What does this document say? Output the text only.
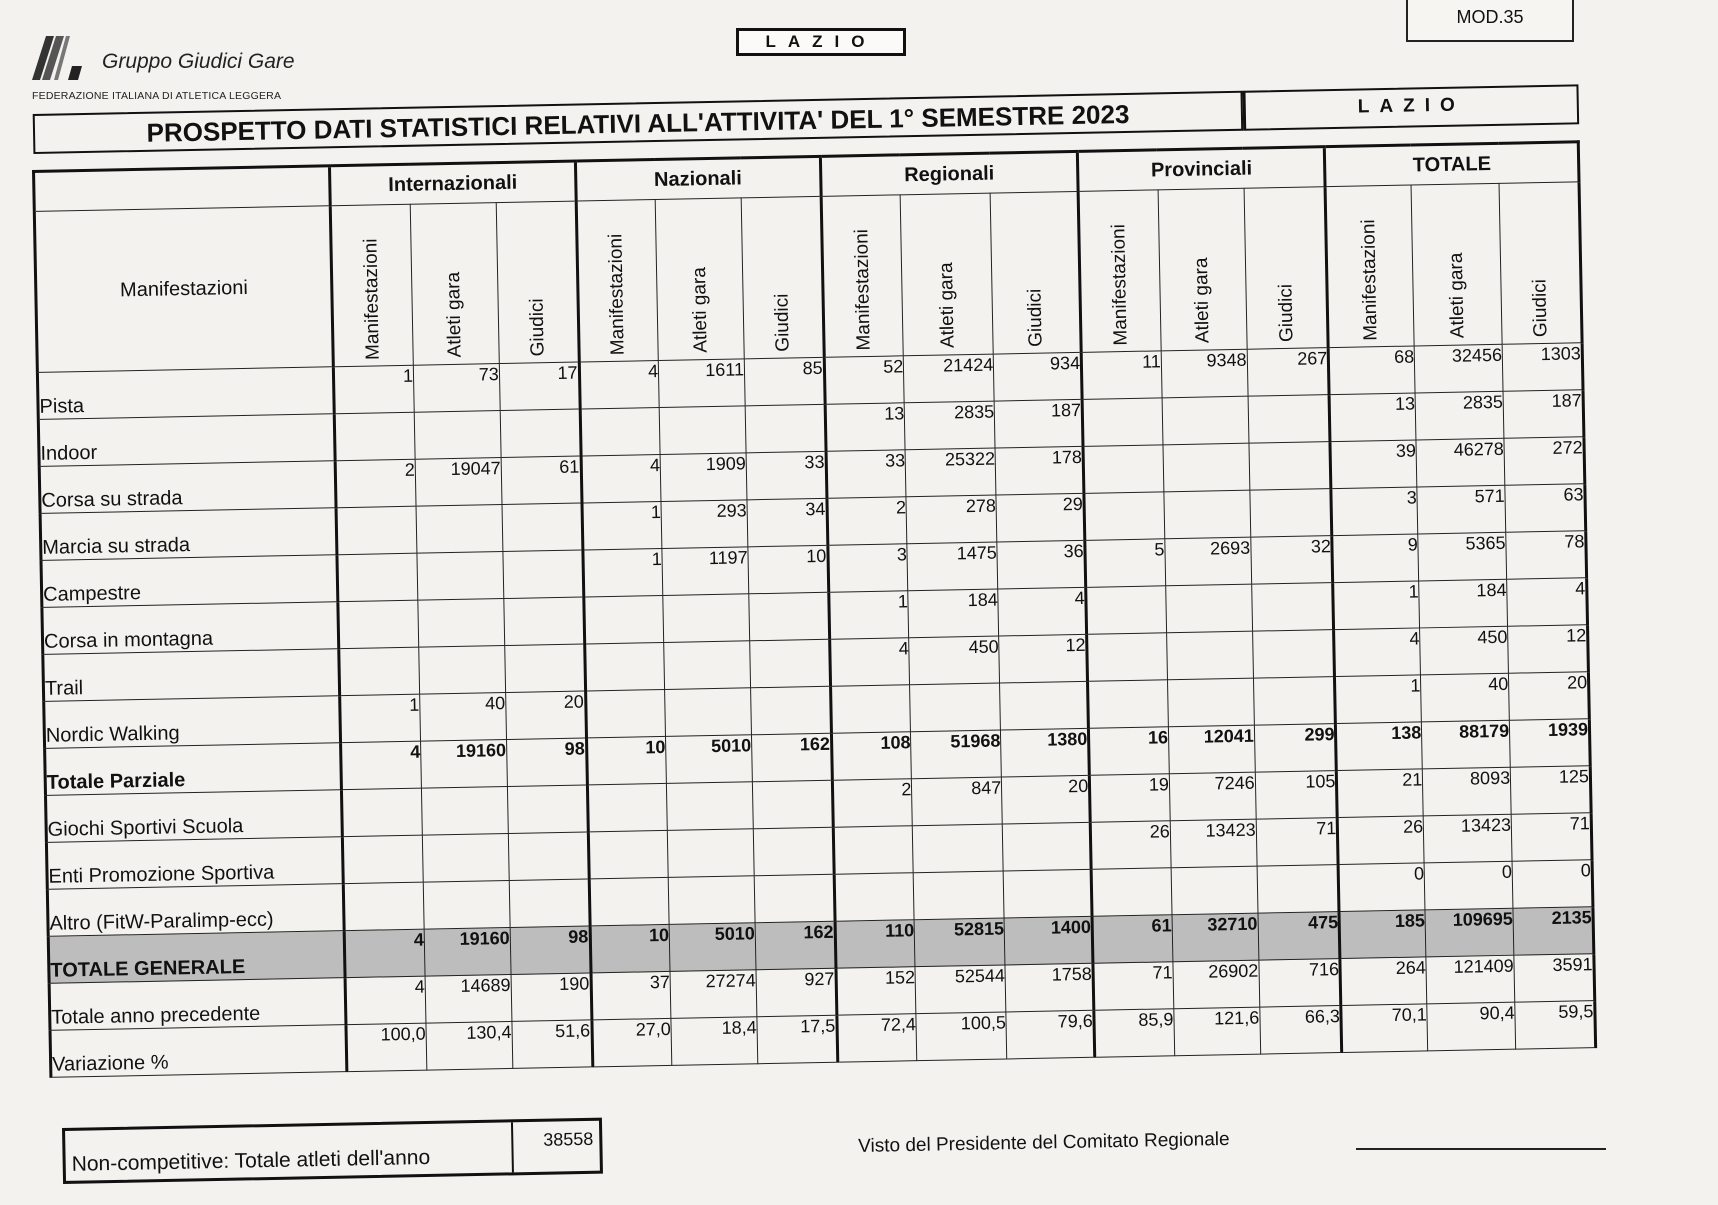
MOD.35
Gruppo Giudici Gare
FEDERAZIONE ITALIANA DI ATLETICA LEGGERA
LAZIO
PROSPETTO DATI STATISTICI RELATIVI ALL'ATTIVITA' DEL 1° SEMESTRE 2023	LAZIO
	Internazionali			Nazionali			Regionali			Provinciali			TOTALE		
Manifestazioni	Manifestazioni	Atleti gara	Giudici	Manifestazioni	Atleti gara	Giudici	Manifestazioni	Atleti gara	Giudici	Manifestazioni	Atleti gara	Giudici	Manifestazioni	Atleti gara	Giudici

Pista	1	73	17	4	1611	85	52	21424	934	11	9348	267	68	32456	1303
Indoor							13	2835	187				13	2835	187
Corsa su strada	2	19047	61	4	1909	33	33	25322	178				39	46278	272
Marcia su strada				1	293	34	2	278	29				3	571	63
Campestre				1	1197	10	3	1475	36	5	2693	32	9	5365	78
Corsa in montagna							1	184	4				1	184	4
Trail							4	450	12				4	450	12
Nordic Walking	1	40	20										1	40	20
Totale Parziale	4	19160	98	10	5010	162	108	51968	1380	16	12041	299	138	88179	1939
Giochi Sportivi Scuola							2	847	20	19	7246	105	21	8093	125
Enti Promozione Sportiva										26	13423	71	26	13423	71
Altro (FitW-Paralimp-ecc)													0	0	0
TOTALE GENERALE	4	19160	98	10	5010	162	110	52815	1400	61	32710	475	185	109695	2135
Totale anno precedente	4	14689	190	37	27274	927	152	52544	1758	71	26902	716	264	121409	3591
Variazione %	100,0	130,4	51,6	27,0	18,4	17,5	72,4	100,5	79,6	85,9	121,6	66,3	70,1	90,4	59,5
Non-competitive: Totale atleti dell'anno
38558	Visto del Presidente del Comitato Regionale
